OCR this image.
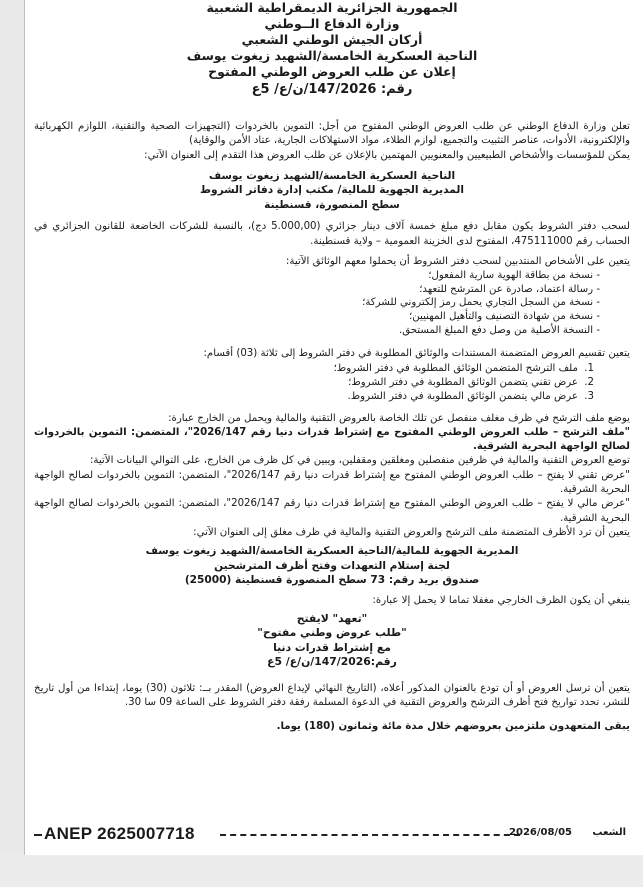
الجمهورية الجزائرية الديمقراطية الشعبية
وزارة الدفاع الــوطني
أركان الجيش الوطني الشعبي
الناحية العسكرية الخامسة/الشهيد زيغوت يوسف
إعلان عن طلب العروض الوطني المفتوح
رقم: 147/2026/ن/ع/ 5ع
تعلن وزارة الدفاع الوطني عن طلب العروض الوطني المفتوح من أجل: التموين بالخردوات (التجهيزات الصحية والتقنية، اللوازم الكهربائية والإلكترونية، الأدوات، عناصر التثبيت والتجميع، لوازم الطلاء، مواد الاستهلاكات الجارية، عتاد الأمن والوقاية)
يمكن للمؤسسات والأشخاص الطبيعيين والمعنويين المهتمين بالإعلان عن طلب العروض هذا التقدم إلى العنوان الآتي:
الناحية العسكرية الخامسة/الشهيد زيغوت يوسف
المديرية الجهوية للمالية/ مكتب إدارة دفاتر الشروط
سطح المنصورة، قسنطينة
لسحب دفتر الشروط يكون مقابل دفع مبلغ خمسة آلاف دينار جزائري (5.000,00 دج)، بالنسبة للشركات الخاضعة للقانون الجزائري في الحساب رقم 475111000، المفتوح لدى الخزينة العمومية – ولاية قسنطينة.
يتعين على الأشخاص المنتدبين لسحب دفتر الشروط أن يحملوا معهم الوثائق الآتية:
- نسخة من بطاقة الهوية سارية المفعول؛
- رسالة اعتماد، صادرة عن المترشح للتعهد؛
- نسخة من السجل التجاري يحمل رمز إلكتروني للشركة؛
- نسخة من شهادة التصنيف والتأهيل المهنيين؛
- النسخة الأصلية من وصل دفع المبلغ المستحق.
يتعين تقسيم العروض المتضمنة المستندات والوثائق المطلوبة في دفتر الشروط إلى ثلاثة (03) أقسام:
1.ملف الترشح المتضمن الوثائق المطلوبة في دفتر الشروط؛
2.عرض تقني يتضمن الوثائق المطلوبة في دفتر الشروط؛
3.عرض مالي يتضمن الوثائق المطلوبة في دفتر الشروط.
يوضع ملف الترشح في ظرف مغلف منفصل عن تلك الخاصة بالعروض التقنية والمالية ويحمل من الخارج عبارة:
"ملف الترشح – طلب العروض الوطني المفتوح مع إشتراط قدرات دنيا رقم 2026/147"، المتضمن: التموين بالخردوات لصالح الواجهة البحرية الشرقية.
توضع العروض التقنية والمالية في ظرفين منفصلين ومغلقين ومقفلين، ويبين في كل ظرف من الخارج، على التوالي البيانات الآتية:
"عرض تقني لا يفتح – طلب العروض الوطني المفتوح مع إشتراط قدرات دنيا رقم 2026/147"، المتضمن: التموين بالخردوات لصالح الواجهة البحرية الشرقية.
"عرض مالي لا يفتح – طلب العروض الوطني المفتوح مع إشتراط قدرات دنيا رقم 2026/147"، المتضمن: التموين بالخردوات لصالح الواجهة البحرية الشرقية.
يتعين أن ترد الأظرف المتضمنة ملف الترشح والعروض التقنية والمالية في ظرف مغلق إلى العنوان الآتي:
المديرية الجهوية للمالية/الناحية العسكرية الخامسة/الشهيد زيغوت يوسف
لجنة إستلام التعهدات وفتح أظرف المترشحين
صندوق بريد رقم: 73 سطح المنصورة قسنطينة (25000)
ينبغي أن يكون الظرف الخارجي مغفلا تماما لا يحمل إلا عبارة:
"تعهد" لايفتح
"طلب عروض وطني مفتوح"
مع إشتراط قدرات دنيا
رقم:147/2026/ن/ع/ 5ع
يتعين أن ترسل العروض أو أن تودع بالعنوان المذكور أعلاه، (التاريخ النهائي لإيداع العروض) المقدر بــ: ثلاثون (30) يوما، إبتداءا من أول تاريخ للنشر، تحدد تواريخ فتح أظرف الترشح والعروض التقنية في الدعوة المسلمة رفقة دفتر الشروط على الساعة 09 سا 30.
يبقى المتعهدون ملتزمين بعروضهم خلال مدة مائة وثمانون (180) يوما.
ANEP 2625007718	2026/08/05 الشعب
